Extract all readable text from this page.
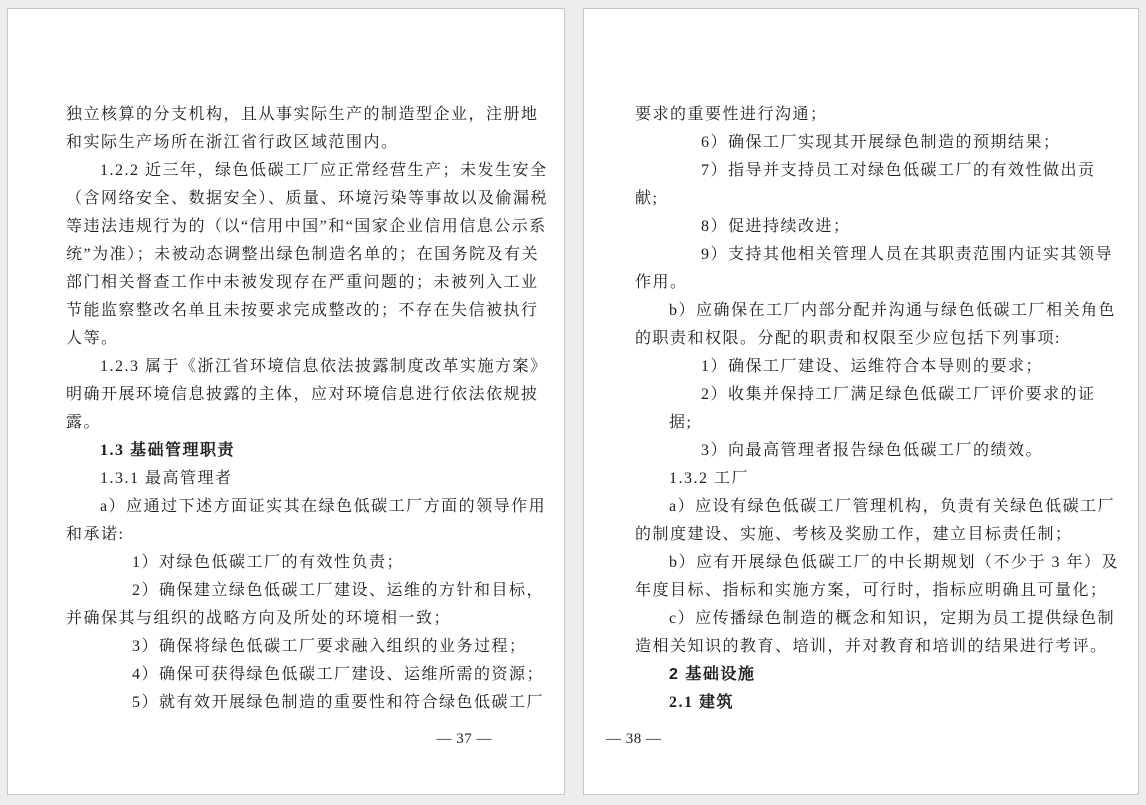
独立核算的分支机构，且从事实际生产的制造型企业，注册地
和实际生产场所在浙江省行政区域范围内。
1.2.2 近三年，绿色低碳工厂应正常经营生产；未发生安全
（含网络安全、数据安全）、质量、环境污染等事故以及偷漏税
等违法违规行为的（以“信用中国”和“国家企业信用信息公示系
统”为准）；未被动态调整出绿色制造名单的；在国务院及有关
部门相关督查工作中未被发现存在严重问题的；未被列入工业
节能监察整改名单且未按要求完成整改的；不存在失信被执行
人等。
1.2.3 属于《浙江省环境信息依法披露制度改革实施方案》
明确开展环境信息披露的主体，应对环境信息进行依法依规披
露。
1.3 基础管理职责
1.3.1 最高管理者
a）应通过下述方面证实其在绿色低碳工厂方面的领导作用
和承诺:
1）对绿色低碳工厂的有效性负责；
2）确保建立绿色低碳工厂建设、运维的方针和目标，
并确保其与组织的战略方向及所处的环境相一致；
3）确保将绿色低碳工厂要求融入组织的业务过程；
4）确保可获得绿色低碳工厂建设、运维所需的资源；
5）就有效开展绿色制造的重要性和符合绿色低碳工厂
— 37 —
要求的重要性进行沟通；
6）确保工厂实现其开展绿色制造的预期结果；
7）指导并支持员工对绿色低碳工厂的有效性做出贡
献;
8）促进持续改进；
9）支持其他相关管理人员在其职责范围内证实其领导
作用。
b）应确保在工厂内部分配并沟通与绿色低碳工厂相关角色
的职责和权限。分配的职责和权限至少应包括下列事项:
1）确保工厂建设、运维符合本导则的要求；
2）收集并保持工厂满足绿色低碳工厂评价要求的证
据;
3）向最高管理者报告绿色低碳工厂的绩效。
1.3.2 工厂
a）应设有绿色低碳工厂管理机构，负责有关绿色低碳工厂
的制度建设、实施、考核及奖励工作，建立目标责任制；
b）应有开展绿色低碳工厂的中长期规划（不少于 3 年）及
年度目标、指标和实施方案，可行时，指标应明确且可量化；
c）应传播绿色制造的概念和知识，定期为员工提供绿色制
造相关知识的教育、培训，并对教育和培训的结果进行考评。
2 基础设施
2.1 建筑
— 38 —
